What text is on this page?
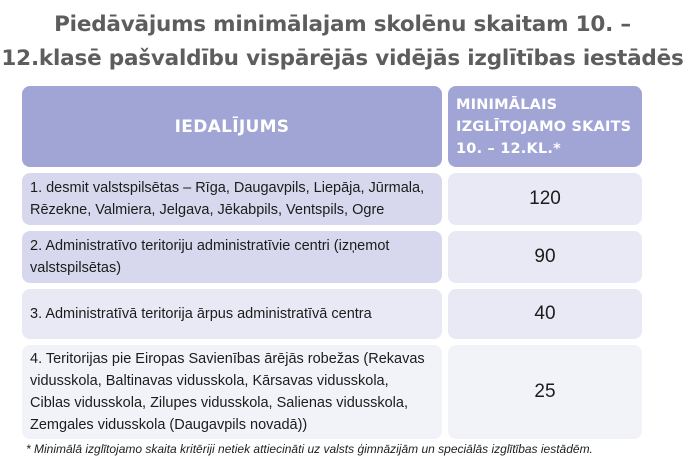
Piedāvājums minimālajam skolēnu skaitam 10. –
12.klasē pašvaldību vispārējās vidējās izglītības iestādēs
IEDALĪJUMS
MINIMĀLAIS
IZGLĪTOJAMO SKAITS
10. – 12.KL.*
1. desmit valstspilsētas – Rīga, Daugavpils, Liepāja, Jūrmala,
Rēzekne, Valmiera, Jelgava, Jēkabpils, Ventspils, Ogre
120
2. Administratīvo teritoriju administratīvie centri (izņemot
valstspilsētas)
90
3. Administratīvā teritorija ārpus administratīvā centra	40
4. Teritorijas pie Eiropas Savienības ārējās robežas (Rekavas
vidusskola, Baltinavas vidusskola, Kārsavas vidusskola,
Ciblas vidusskola, Zilupes vidusskola, Salienas vidusskola,
Zemgales vidusskola (Daugavpils novadā))
25
* Minimālā izglītojamo skaita kritēriji netiek attiecināti uz valsts ģimnāzijām un speciālās izglītības iestādēm.
